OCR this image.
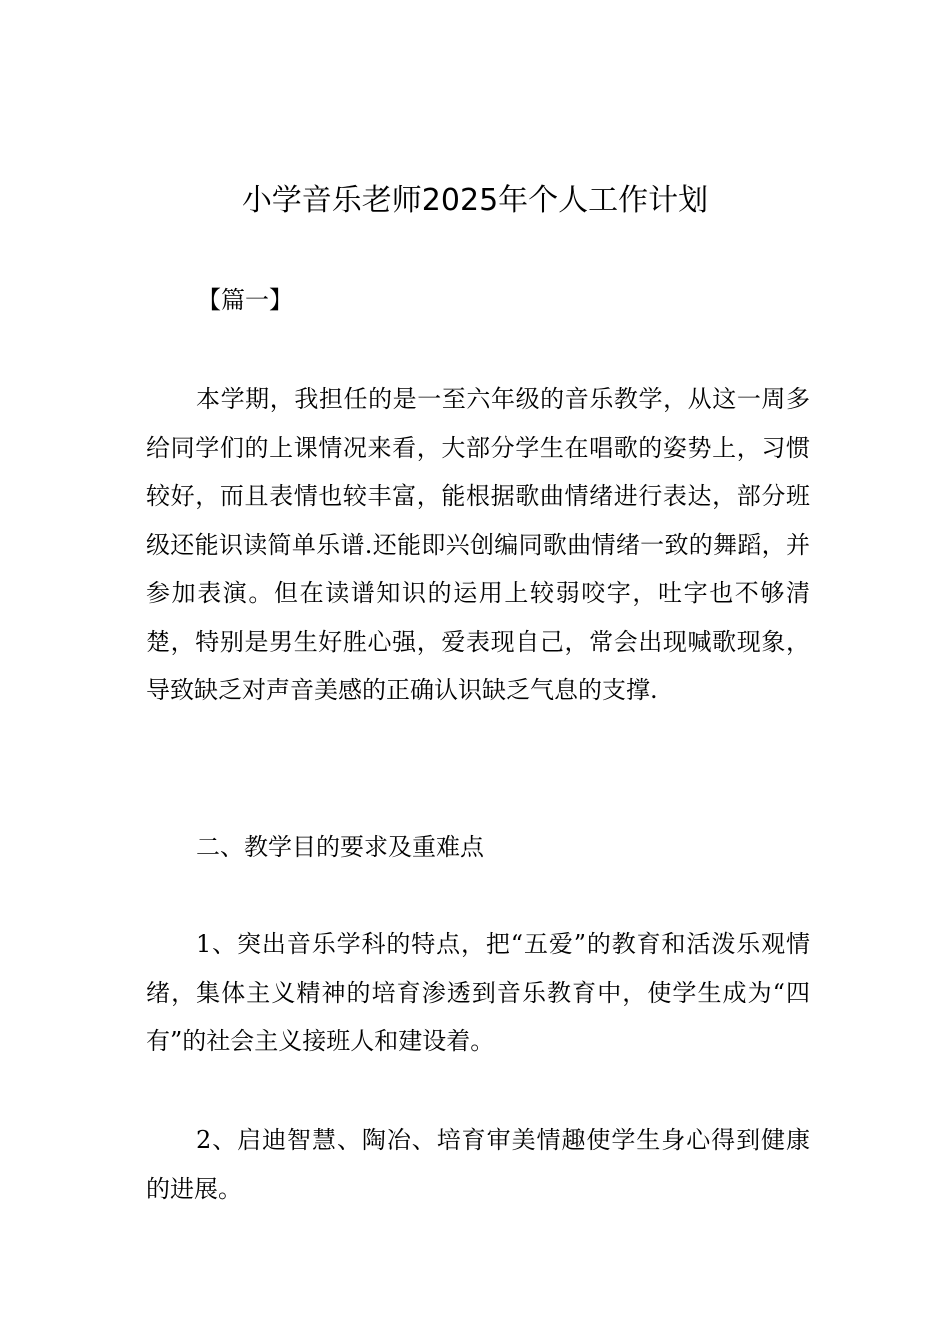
小学音乐老师2025年个人工作计划

【篇一】

本学期，我担任的是一至六年级的音乐教学，从这一周多给同学们的上课情况来看，大部分学生在唱歌的姿势上，习惯较好，而且表情也较丰富，能根据歌曲情绪进行表达，部分班级还能识读简单乐谱.还能即兴创编同歌曲情绪一致的舞蹈，并参加表演。但在读谱知识的运用上较弱咬字，吐字也不够清楚，特别是男生好胜心强，爱表现自己，常会出现喊歌现象，导致缺乏对声音美感的正确认识缺乏气息的支撑.

二、教学目的要求及重难点

1、突出音乐学科的特点，把“五爱”的教育和活泼乐观情绪，集体主义精神的培育渗透到音乐教育中，使学生成为“四有”的社会主义接班人和建设着。

2、启迪智慧、陶冶、培育审美情趣使学生身心得到健康的进展。
